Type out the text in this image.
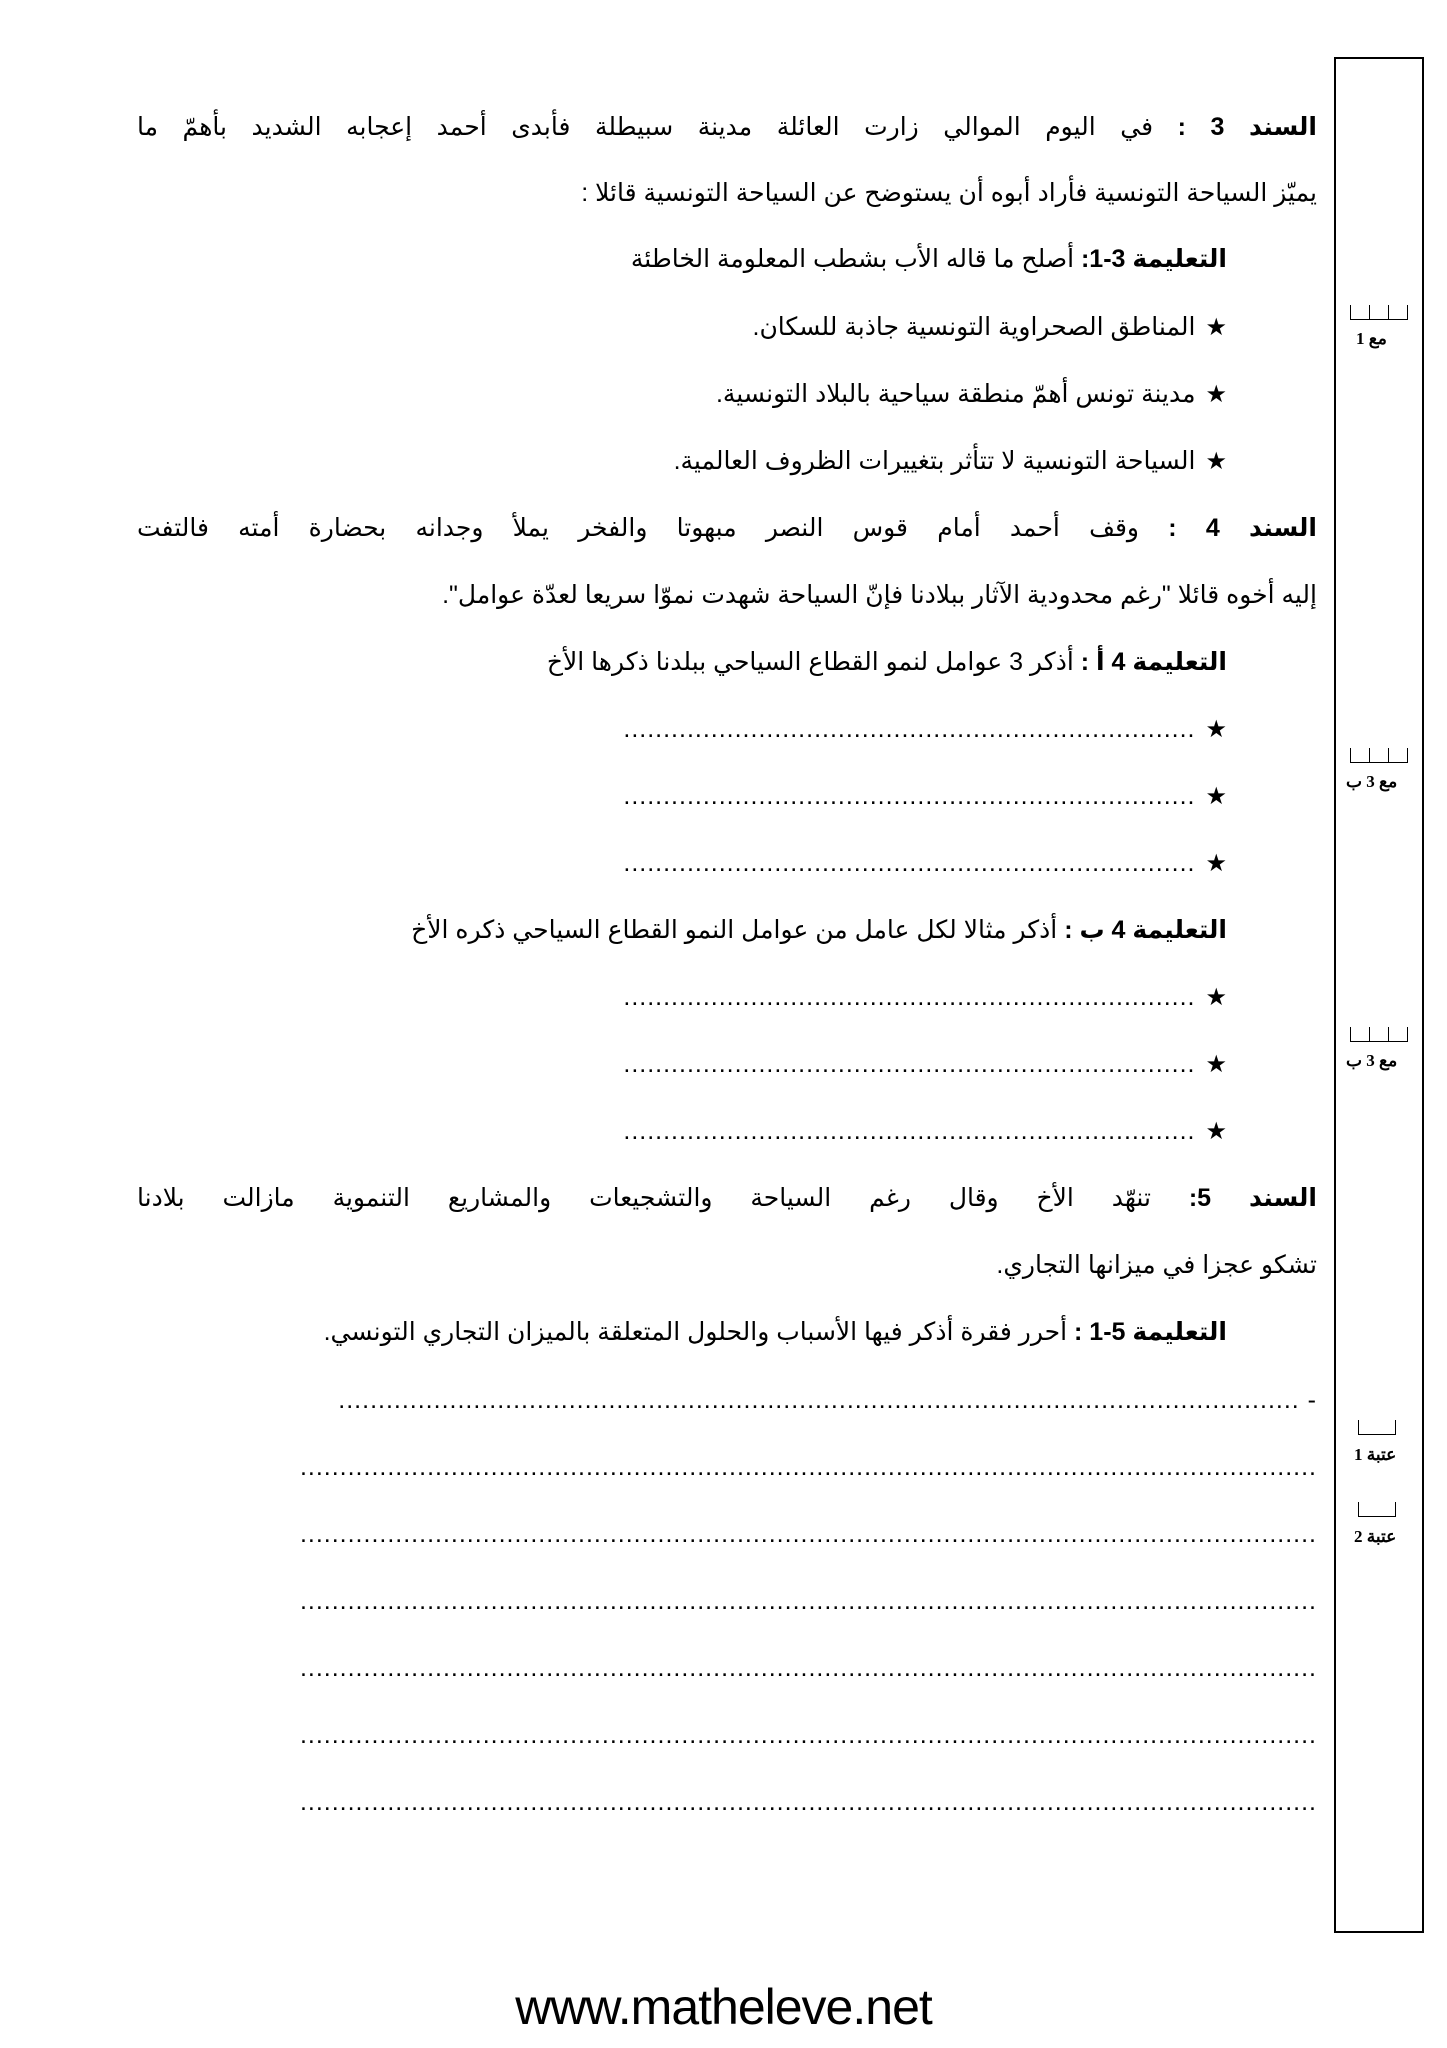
السند 3 : في اليوم الموالي زارت العائلة مدينة سبيطلة فأبدى أحمد إعجابه الشديد بأهمّ ما
يميّز السياحة التونسية فأراد أبوه أن يستوضح عن السياحة التونسية قائلا :
التعليمة 3-1: أصلح ما قاله الأب بشطب المعلومة الخاطئة
★المناطق الصحراوية التونسية جاذبة للسكان.
★مدينة تونس أهمّ منطقة سياحية بالبلاد التونسية.
★السياحة التونسية لا تتأثر بتغييرات الظروف العالمية.
السند 4 : وقف أحمد أمام قوس النصر مبهوتا والفخر يملأ وجدانه بحضارة أمته فالتفت
إليه أخوه قائلا "رغم محدودية الآثار ببلادنا فإنّ السياحة شهدت نموّا سريعا لعدّة عوامل".
التعليمة 4 أ : أذكر 3 عوامل لنمو القطاع السياحي ببلدنا ذكرها الأخ
★........................................................................
★........................................................................
★........................................................................
التعليمة 4 ب : أذكر مثالا لكل عامل من عوامل النمو القطاع السياحي ذكره الأخ
★........................................................................
★........................................................................
★........................................................................
السند 5: تنهّد الأخ وقال رغم السياحة والتشجيعات والمشاريع التنموية مازالت بلادنا
تشكو عجزا في ميزانها التجاري.
التعليمة 5-1 : أحرر فقرة أذكر فيها الأسباب والحلول المتعلقة بالميزان التجاري التونسي.
- .........................................................................................................................
................................................................................................................................
................................................................................................................................
................................................................................................................................
................................................................................................................................
................................................................................................................................
................................................................................................................................
مع 1
مع 3 ب
مع 3 ب
عتبة 1
عتبة 2
www.matheleve.net
